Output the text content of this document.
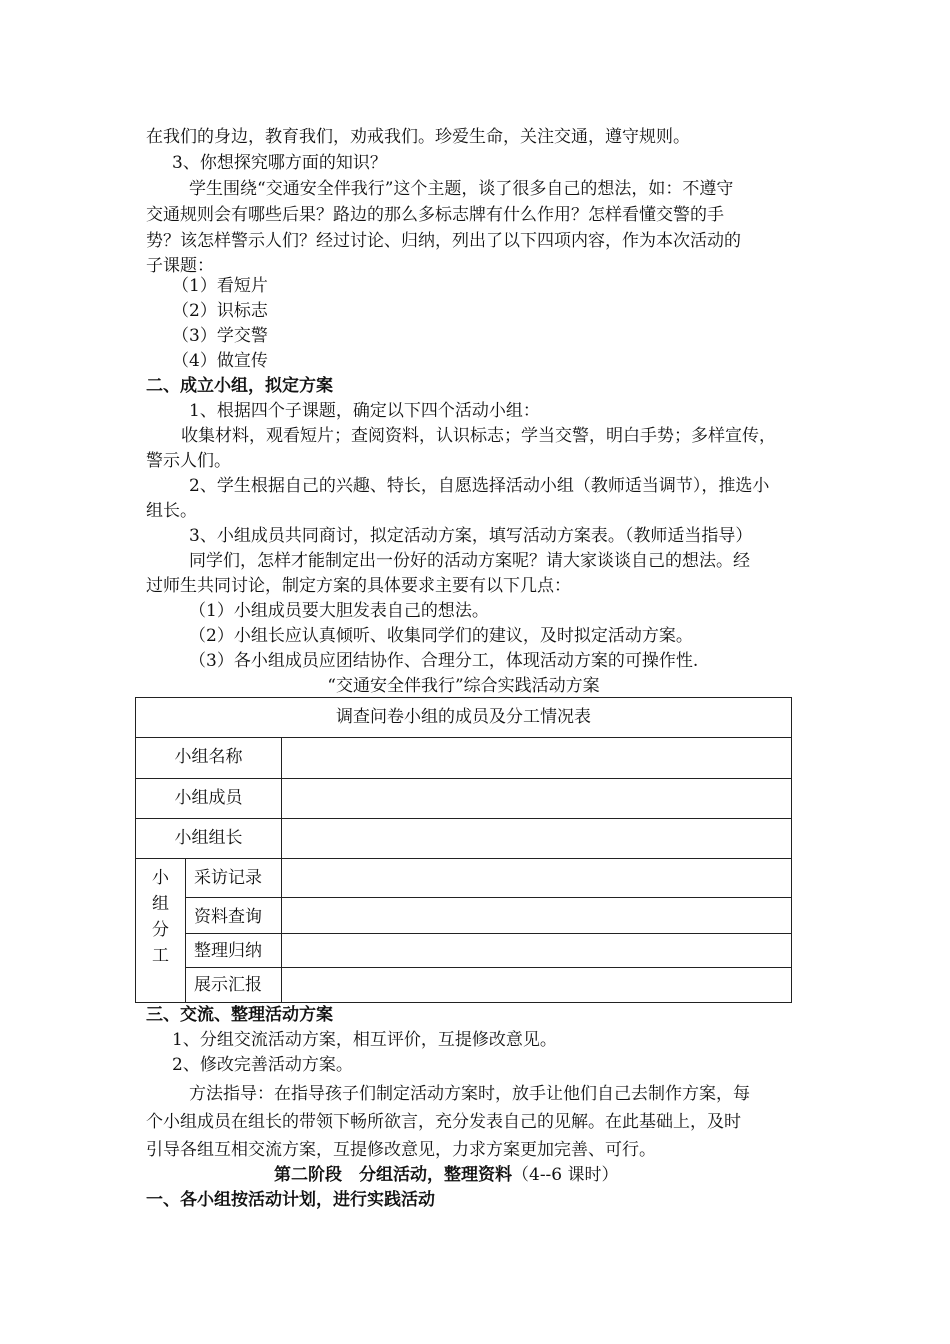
在我们的身边，教育我们，劝戒我们。珍爱生命，关注交通，遵守规则。
3、你想探究哪方面的知识？
学生围绕“交通安全伴我行”这个主题，谈了很多自己的想法，如：不遵守
交通规则会有哪些后果？路边的那么多标志牌有什么作用？怎样看懂交警的手
势？该怎样警示人们？经过讨论、归纳，列出了以下四项内容，作为本次活动的
子课题：
（1）看短片
（2）识标志
（3）学交警
（4）做宣传
二、成立小组，拟定方案
1、根据四个子课题，确定以下四个活动小组：
收集材料，观看短片；查阅资料，认识标志；学当交警，明白手势；多样宣传，
警示人们。
2、学生根据自己的兴趣、特长，自愿选择活动小组（教师适当调节），推选小
组长。
3、小组成员共同商讨，拟定活动方案，填写活动方案表。（教师适当指导）
同学们，怎样才能制定出一份好的活动方案呢？请大家谈谈自己的想法。经
过师生共同讨论，制定方案的具体要求主要有以下几点：
（1）小组成员要大胆发表自己的想法。
（2）小组长应认真倾听、收集同学们的建议，及时拟定活动方案。
（3）各小组成员应团结协作、合理分工，体现活动方案的可操作性.
“交通安全伴我行”综合实践活动方案
调查问卷小组的成员及分工情况表		
小组名称		
小组成员		
小组组长		

小
组
分
工	采访记录	
	资料查询	
	整理归纳	
	展示汇报	
三、交流、整理活动方案
1、分组交流活动方案，相互评价，互提修改意见。
2、修改完善活动方案。
方法指导：在指导孩子们制定活动方案时，放手让他们自己去制作方案，每
个小组成员在组长的带领下畅所欲言，充分发表自己的见解。在此基础上，及时
引导各组互相交流方案，互提修改意见，力求方案更加完善、可行。
第二阶段　分组活动，整理资料（4--6 课时）
一、各小组按活动计划，进行实践活动
